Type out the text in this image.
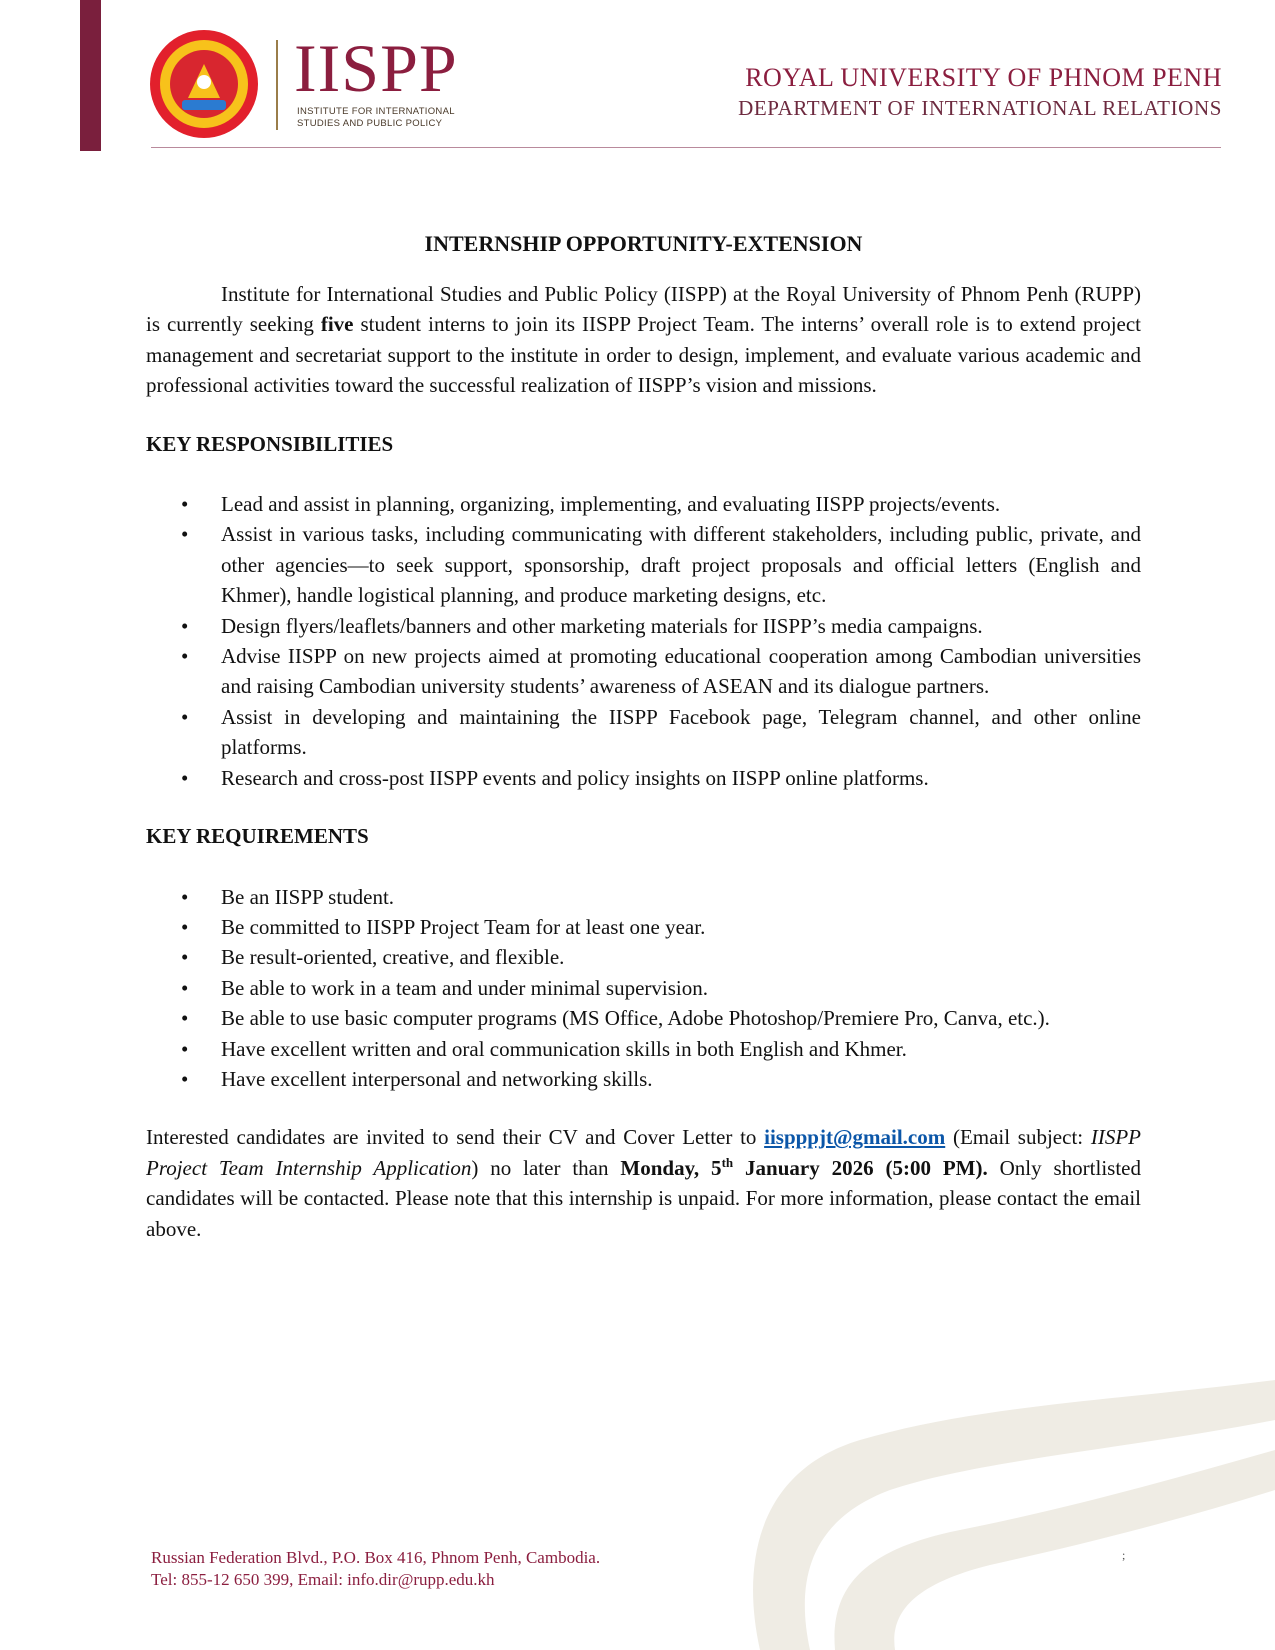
IISPP
INSTITUTE FOR INTERNATIONAL
STUDIES AND PUBLIC POLICY
ROYAL UNIVERSITY OF PHNOM PENH
DEPARTMENT OF INTERNATIONAL RELATIONS
INTERNSHIP OPPORTUNITY-EXTENSION

Institute for International Studies and Public Policy (IISPP) at the Royal University of Phnom Penh (RUPP) is currently seeking five student interns to join its IISPP Project Team. The interns’ overall role is to extend project management and secretariat support to the institute in order to design, implement, and evaluate various academic and professional activities toward the successful realization of IISPP’s vision and missions.

KEY RESPONSIBILITIES
• Lead and assist in planning, organizing, implementing, and evaluating IISPP projects/events.
• Assist in various tasks, including communicating with different stakeholders, including public, private, and other agencies—to seek support, sponsorship, draft project proposals and official letters (English and Khmer), handle logistical planning, and produce marketing designs, etc.
• Design flyers/leaflets/banners and other marketing materials for IISPP’s media campaigns.
• Advise IISPP on new projects aimed at promoting educational cooperation among Cambodian universities and raising Cambodian university students’ awareness of ASEAN and its dialogue partners.
• Assist in developing and maintaining the IISPP Facebook page, Telegram channel, and other online platforms.
• Research and cross-post IISPP events and policy insights on IISPP online platforms.
KEY REQUIREMENTS
• Be an IISPP student.
• Be committed to IISPP Project Team for at least one year.
• Be result-oriented, creative, and flexible.
• Be able to work in a team and under minimal supervision.
• Be able to use basic computer programs (MS Office, Adobe Photoshop/Premiere Pro, Canva, etc.).
• Have excellent written and oral communication skills in both English and Khmer.
• Have excellent interpersonal and networking skills.

Interested candidates are invited to send their CV and Cover Letter to iispppjt@gmail.com (Email subject: IISPP Project Team Internship Application) no later than Monday, 5th January 2026 (5:00 PM). Only shortlisted candidates will be contacted. Please note that this internship is unpaid. For more information, please contact the email above.

Russian Federation Blvd., P.O. Box 416, Phnom Penh, Cambodia.
Tel: 855-12 650 399, Email: info.dir@rupp.edu.kh
;
